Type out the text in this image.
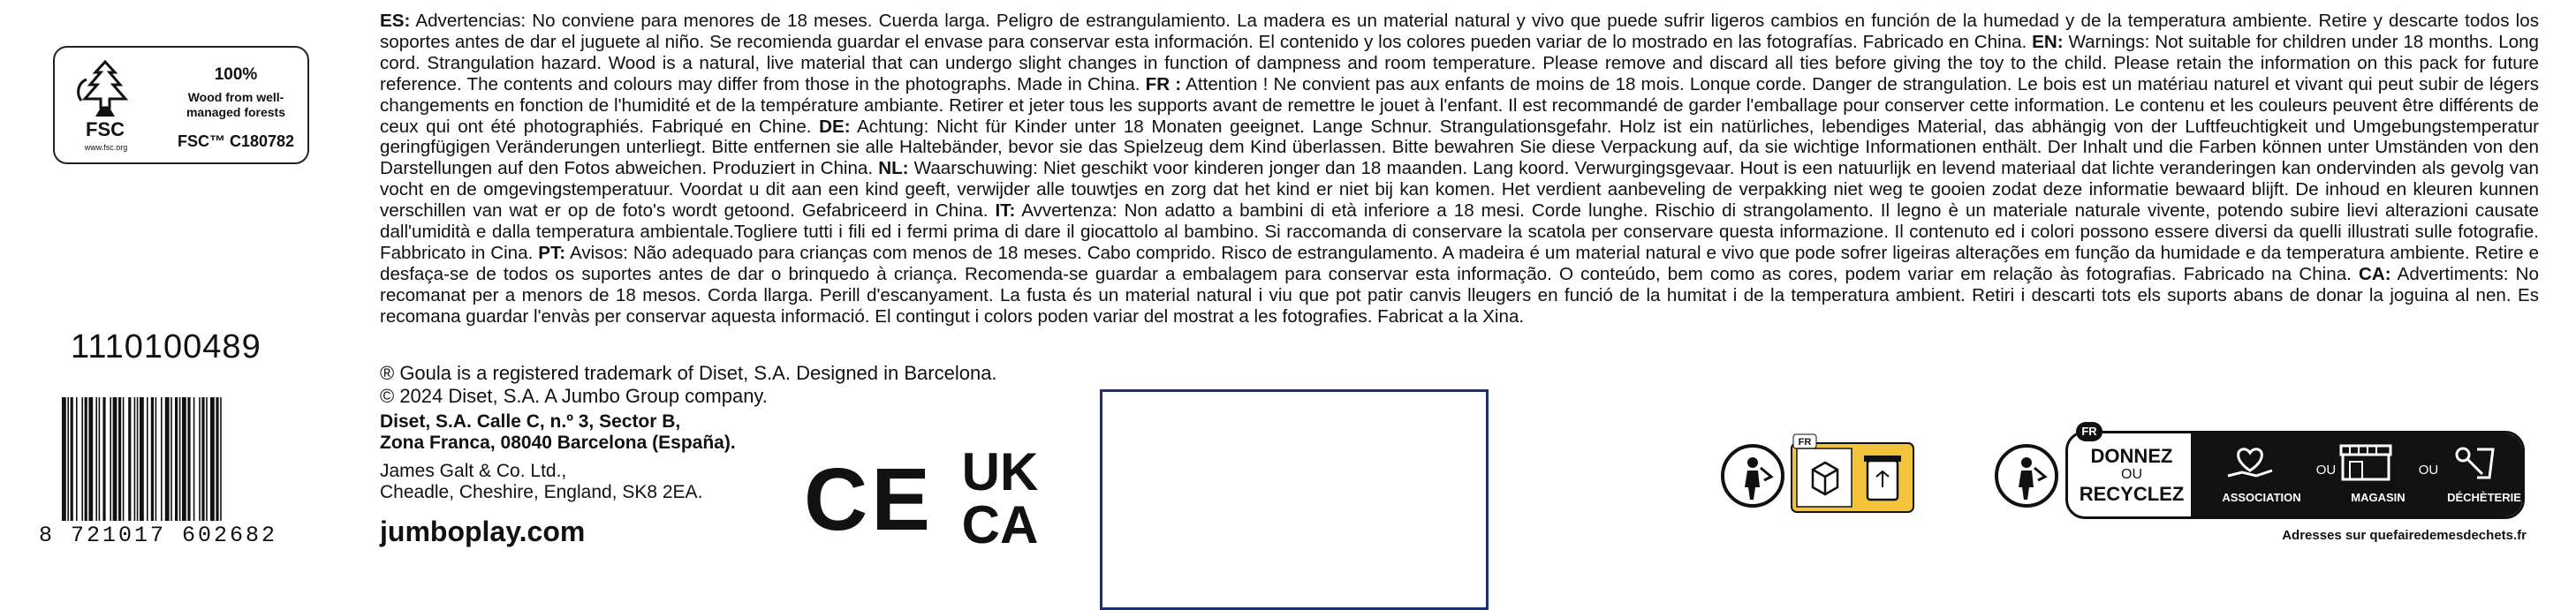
FSC
www.fsc.org
100%
Wood from well-
managed forests
FSC™ C180782
1110100489
8 721017 602682
ES: Advertencias: No conviene para menores de 18 meses. Cuerda larga. Peligro de estrangulamiento. La madera es un material natural y vivo que puede sufrir ligeros cambios en función de la humedad y de la temperatura ambiente. Retire y descarte todos los soportes antes de dar el juguete al niño. Se recomienda guardar el envase para conservar esta información. El contenido y los colores pueden variar de lo mostrado en las fotografías. Fabricado en China. EN: Warnings: Not suitable for children under 18 months. Long cord. Strangulation hazard. Wood is a natural, live material that can undergo slight changes in function of dampness and room temperature. Please remove and discard all ties before giving the toy to the child. Please retain the information on this pack for future reference. The contents and colours may differ from those in the photographs. Made in China. FR : Attention ! Ne convient pas aux enfants de moins de 18 mois. Lonque corde. Danger de strangulation. Le bois est un matériau naturel et vivant qui peut subir de légers changements en fonction de l'humidité et de la température ambiante. Retirer et jeter tous les supports avant de remettre le jouet à l'enfant. Il est recommandé de garder l'emballage pour conserver cette information. Le contenu et les couleurs peuvent être différents de ceux qui ont été photographiés. Fabriqué en Chine. DE: Achtung: Nicht für Kinder unter 18 Monaten geeignet. Lange Schnur. Strangulationsgefahr. Holz ist ein natürliches, lebendiges Material, das abhängig von der Luftfeuchtigkeit und Umgebungstemperatur geringfügigen Veränderungen unterliegt. Bitte entfernen sie alle Haltebänder, bevor sie das Spielzeug dem Kind überlassen. Bitte bewahren Sie diese Verpackung auf, da sie wichtige Informationen enthält. Der Inhalt und die Farben können unter Umständen von den Darstellungen auf den Fotos abweichen. Produziert in China. NL: Waarschuwing: Niet geschikt voor kinderen jonger dan 18 maanden. Lang koord. Verwurgingsgevaar. Hout is een natuurlijk en levend materiaal dat lichte veranderingen kan ondervinden als gevolg van vocht en de omgevingstemperatuur. Voordat u dit aan een kind geeft, verwijder alle touwtjes en zorg dat het kind er niet bij kan komen. Het verdient aanbeveling de verpakking niet weg te gooien zodat deze informatie bewaard blijft. De inhoud en kleuren kunnen verschillen van wat er op de foto's wordt getoond. Gefabriceerd in China. IT: Avvertenza: Non adatto a bambini di età inferiore a 18 mesi. Corde lunghe. Rischio di strangolamento. Il legno è un materiale naturale vivente, potendo subire lievi alterazioni causate dall'umidità e dalla temperatura ambientale.Togliere tutti i fili ed i fermi prima di dare il giocattolo al bambino. Si raccomanda di conservare la scatola per conservare questa informazione. Il contenuto ed i colori possono essere diversi da quelli illustrati sulle fotografie. Fabbricato in Cina. PT: Avisos: Não adequado para crianças com menos de 18 meses. Cabo comprido. Risco de estrangulamento. A madeira é um material natural e vivo que pode sofrer ligeiras alterações em função da humidade e da temperatura ambiente. Retire e desfaça-se de todos os suportes antes de dar o brinquedo à criança. Recomenda-se guardar a embalagem para conservar esta informação. O conteúdo, bem como as cores, podem variar em relação às fotografias. Fabricado na China. CA: Advertiments: No recomanat per a menors de 18 mesos. Corda llarga. Perill d'escanyament. La fusta és un material natural i viu que pot patir canvis lleugers en funció de la humitat i de la temperatura ambient. Retiri i descarti tots els suports abans de donar la joguina al nen. Es recomana guardar l'envàs per conservar aquesta informació. El contingut i colors poden variar del mostrat a les fotografies. Fabricat a la Xina.
® Goula is a registered trademark of Diset, S.A. Designed in Barcelona.
© 2024 Diset, S.A. A Jumbo Group company.
Diset, S.A. Calle C, n.º 3, Sector B,
Zona Franca, 08040 Barcelona (España).
James Galt & Co. Ltd.,
Cheadle, Cheshire, England, SK8 2EA.
jumboplay.com CE UK
CA
FR
FR
DONNEZ
OU
RECYCLEZ	ASSOCIATION
OU
MAGASIN
OU
DÉCHÈTERIE
Adresses sur quefairedemesdechets.fr
